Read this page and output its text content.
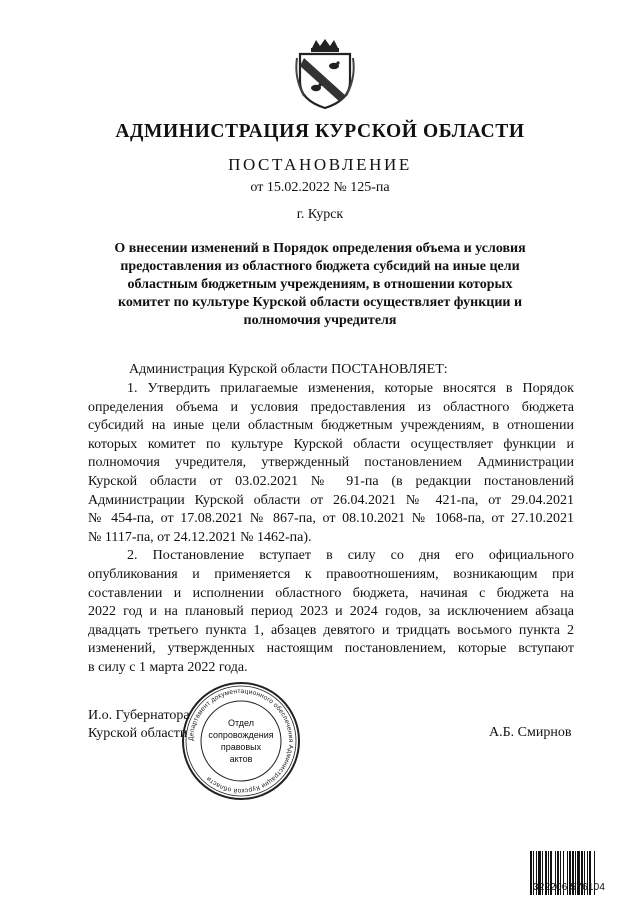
АДМИНИСТРАЦИЯ КУРСКОЙ ОБЛАСТИ
ПОСТАНОВЛЕНИЕ
от 15.02.2022 № 125-па
г. Курск
О внесении изменений в Порядок определения объема и условия
предоставления из областного бюджета субсидий на иные цели
областным бюджетным учреждениям, в отношении которых
комитет по культуре Курской области осуществляет функции и
полномочия учредителя
Администрация Курской области ПОСТАНОВЛЯЕТ:
1. Утвердить прилагаемые изменения, которые вносятся в Порядок
определения объема и условия предоставления из областного бюджета
субсидий на иные цели областным бюджетным учреждениям, в отношении
которых комитет по культуре Курской области осуществляет функции и
полномочия учредителя, утвержденный постановлением Администрации
Курской области от 03.02.2021 № 91-па (в редакции постановлений
Администрации Курской области от 26.04.2021 № 421-па, от 29.04.2021
№ 454-па, от 17.08.2021 № 867-па, от 08.10.2021 № 1068-па, от 27.10.2021
№ 1117-па, от 24.12.2021 № 1462-па).
2. Постановление вступает в силу со дня его официального
опубликования и применяется к правоотношениям, возникающим при
составлении и исполнении областного бюджета, начиная с бюджета на
2022 год и на плановый период 2023 и 2024 годов, за исключением абзаца
двадцать третьего пункта 1, абзацев девятого и тридцать восьмого пункта 2
изменений, утвержденных настоящим постановлением, которые вступают
в силу с 1 марта 2022 года.
И.о. Губернатора
Курской области	А.Б. Смирнов
Департамент документационного обеспечения Администрации Курской области
Отдел
сопровождения
правовых
актов
322206 576104
